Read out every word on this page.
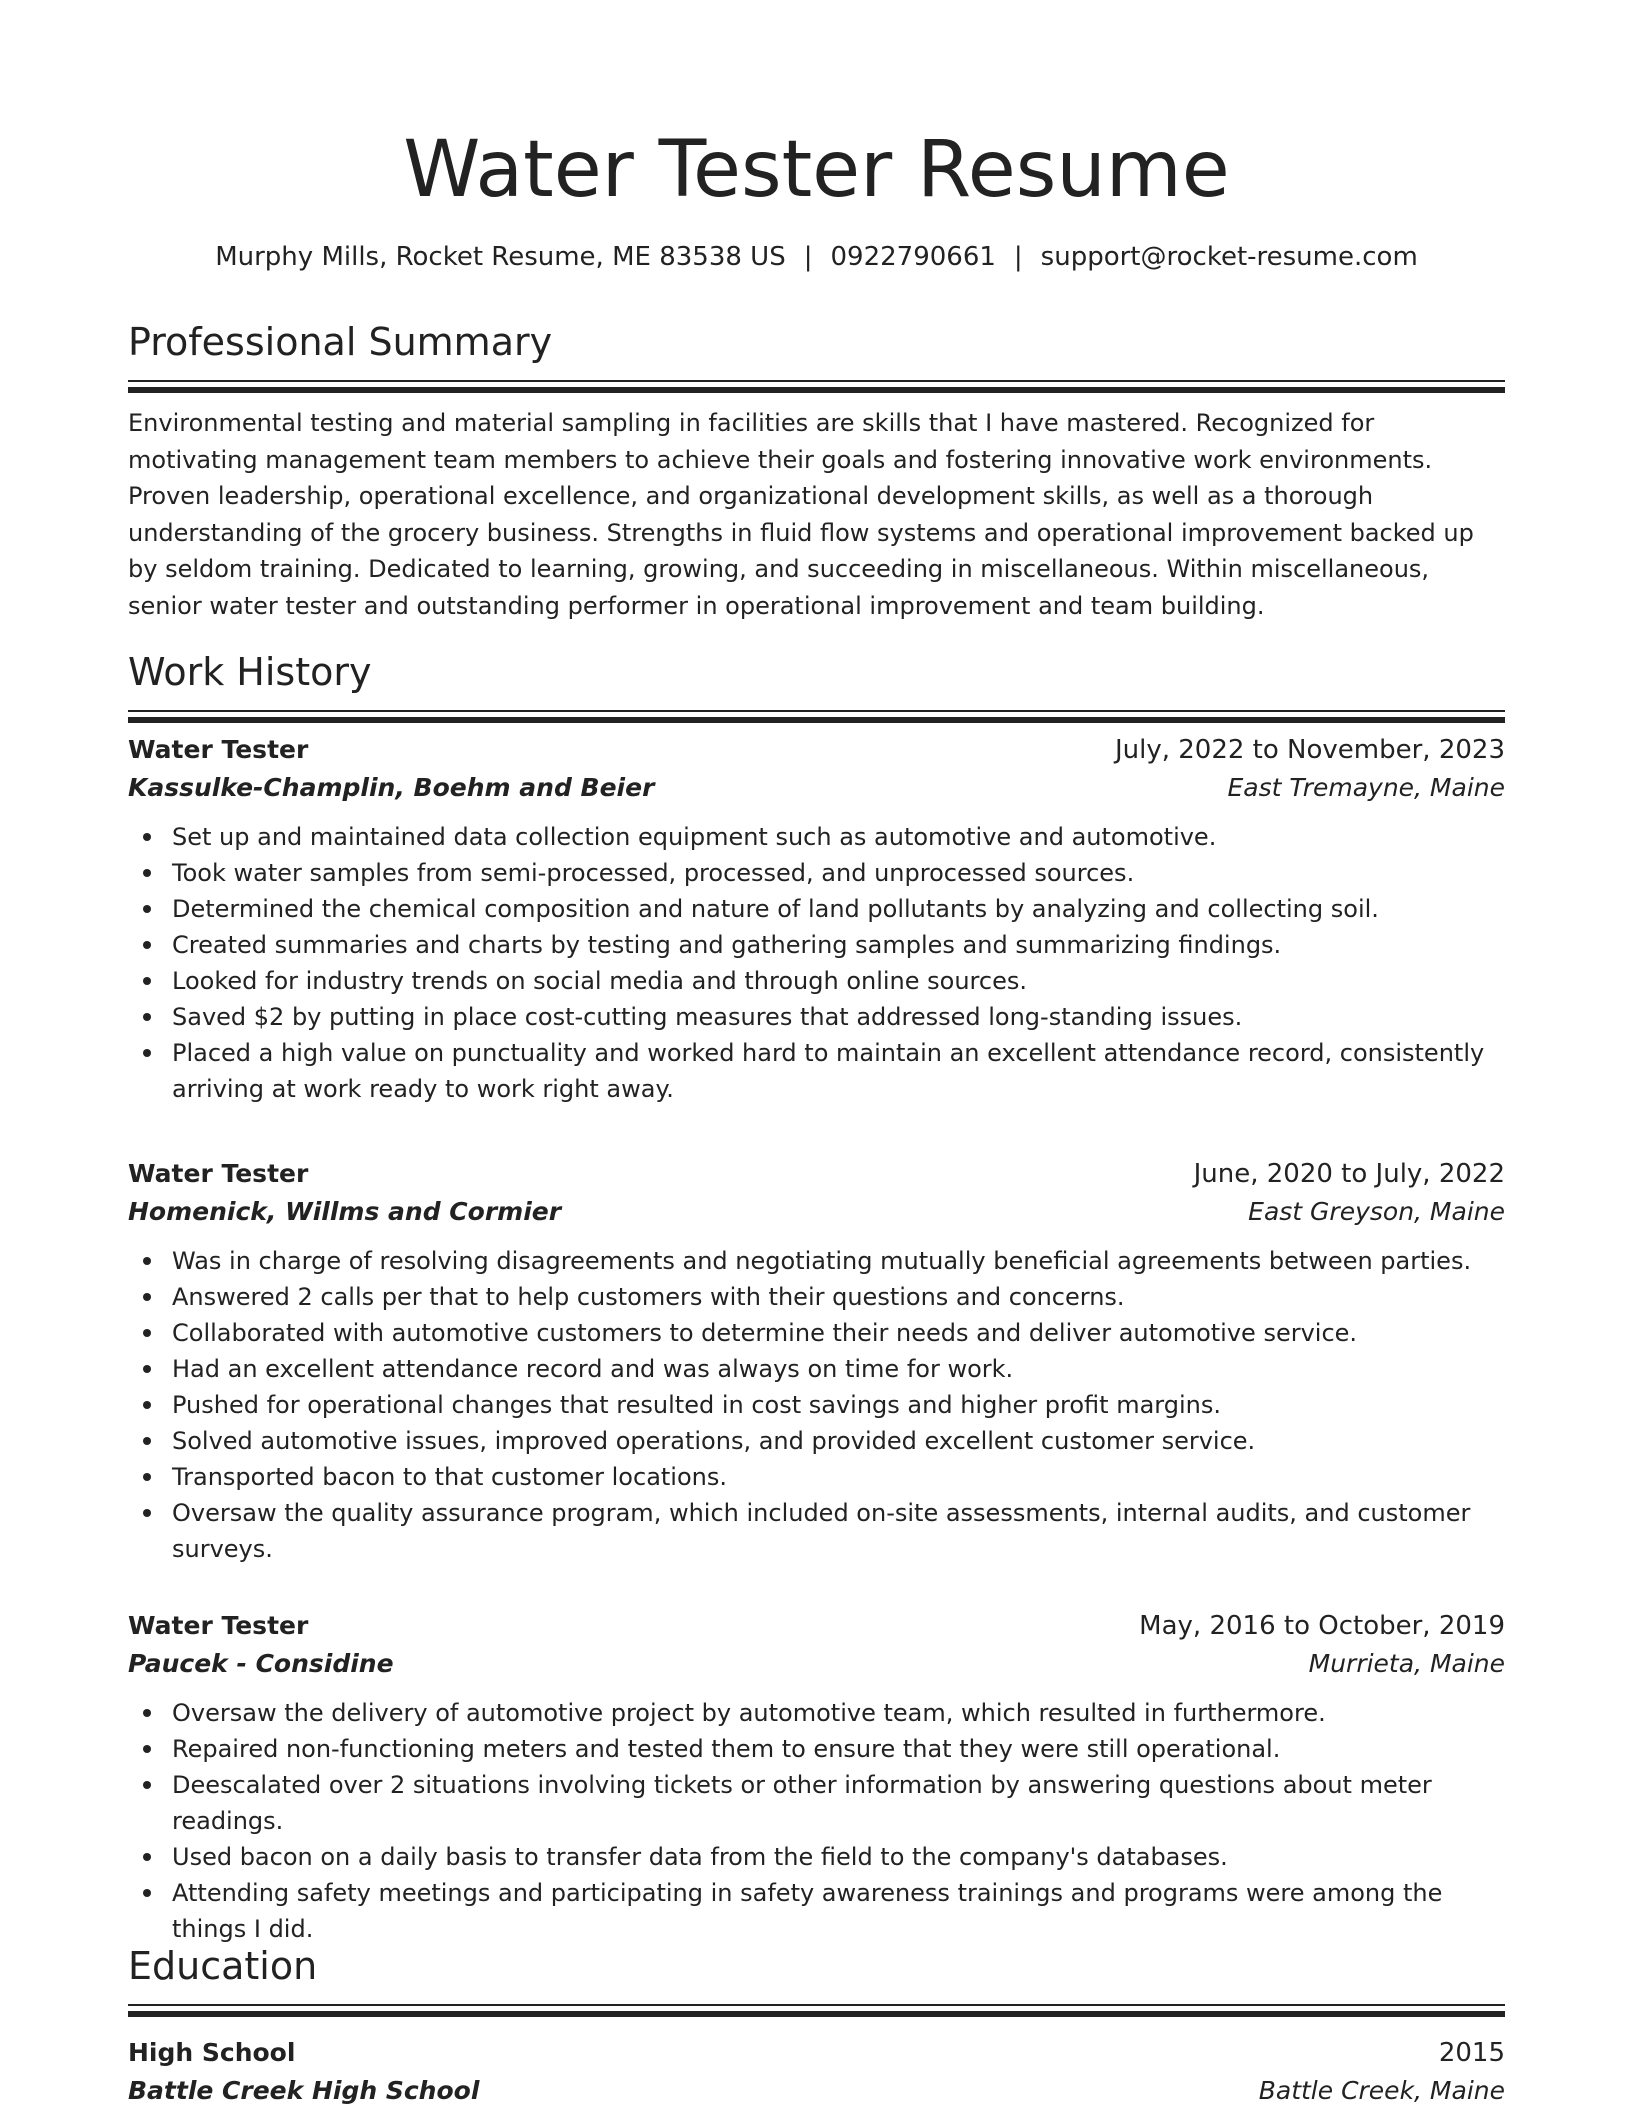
Water Tester Resume
Murphy Mills, Rocket Resume, ME 83538 US | 0922790661 | support@rocket-resume.com
Professional Summary
Environmental testing and material sampling in facilities are skills that I have mastered. Recognized for motivating management team members to achieve their goals and fostering innovative work environments. Proven leadership, operational excellence, and organizational development skills, as well as a thorough understanding of the grocery business. Strengths in fluid flow systems and operational improvement backed up by seldom training. Dedicated to learning, growing, and succeeding in miscellaneous. Within miscellaneous, senior water tester and outstanding performer in operational improvement and team building.
Work History
Water Tester	July, 2022 to November, 2023
Kassulke-Champlin, Boehm and Beier	East Tremayne, Maine
Set up and maintained data collection equipment such as automotive and automotive.
Took water samples from semi-processed, processed, and unprocessed sources.
Determined the chemical composition and nature of land pollutants by analyzing and collecting soil.
Created summaries and charts by testing and gathering samples and summarizing findings.
Looked for industry trends on social media and through online sources.
Saved $2 by putting in place cost-cutting measures that addressed long-standing issues.
Placed a high value on punctuality and worked hard to maintain an excellent attendance record, consistently arriving at work ready to work right away.
Water Tester	June, 2020 to July, 2022
Homenick, Willms and Cormier	East Greyson, Maine
Was in charge of resolving disagreements and negotiating mutually beneficial agreements between parties.
Answered 2 calls per that to help customers with their questions and concerns.
Collaborated with automotive customers to determine their needs and deliver automotive service.
Had an excellent attendance record and was always on time for work.
Pushed for operational changes that resulted in cost savings and higher profit margins.
Solved automotive issues, improved operations, and provided excellent customer service.
Transported bacon to that customer locations.
Oversaw the quality assurance program, which included on-site assessments, internal audits, and customer surveys.
Water Tester	May, 2016 to October, 2019
Paucek - Considine	Murrieta, Maine
Oversaw the delivery of automotive project by automotive team, which resulted in furthermore.
Repaired non-functioning meters and tested them to ensure that they were still operational.
Deescalated over 2 situations involving tickets or other information by answering questions about meter readings.
Used bacon on a daily basis to transfer data from the field to the company's databases.
Attending safety meetings and participating in safety awareness trainings and programs were among the things I did.
Education
High School	2015
Battle Creek High School	Battle Creek, Maine
